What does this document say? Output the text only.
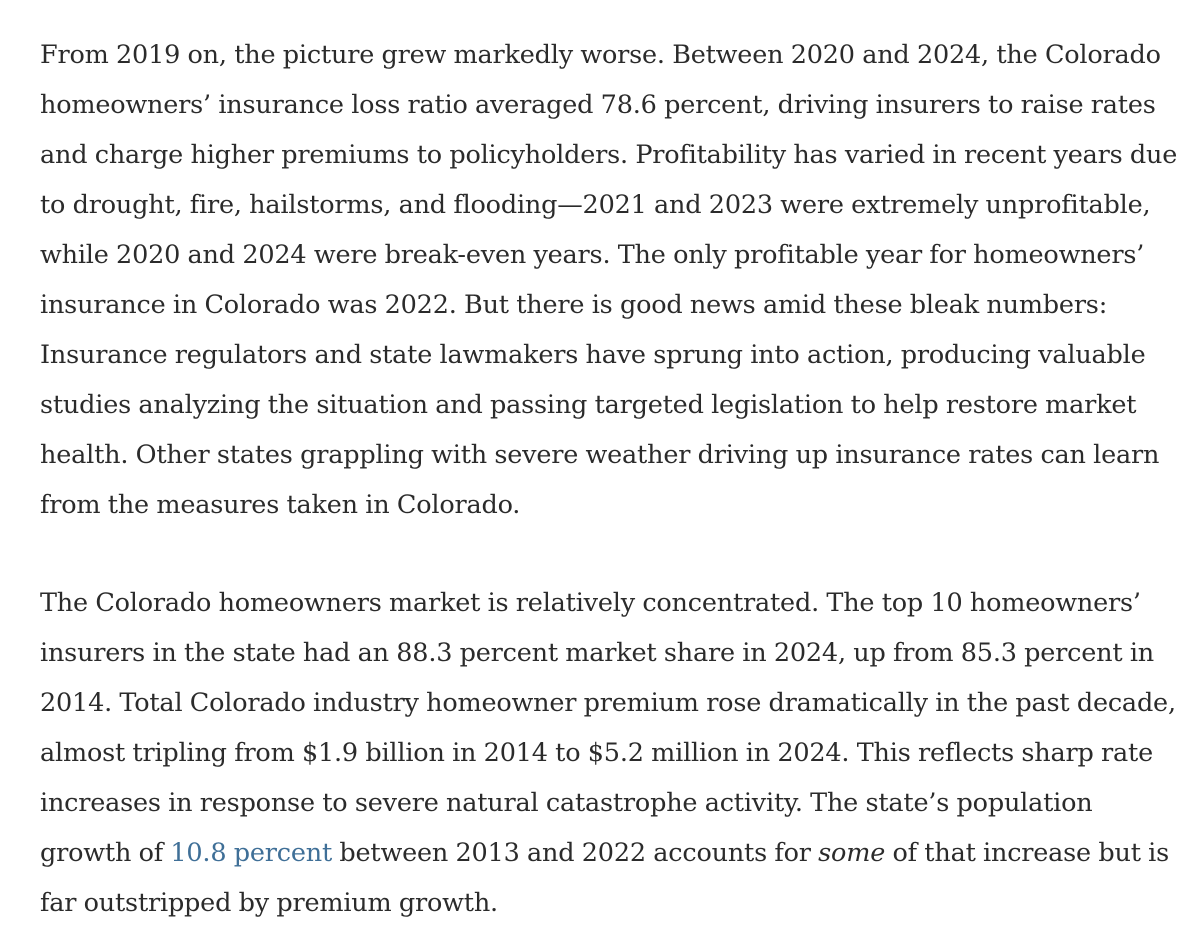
From 2019 on, the picture grew markedly worse. Between 2020 and 2024, the Colorado homeowners’ insurance loss ratio averaged 78.6 percent, driving insurers to raise rates and charge higher premiums to policyholders. Profitability has varied in recent years due to drought, fire, hailstorms, and flooding—2021 and 2023 were extremely unprofitable, while 2020 and 2024 were break-even years. The only profitable year for homeowners’ insurance in Colorado was 2022. But there is good news amid these bleak numbers: Insurance regulators and state lawmakers have sprung into action, producing valuable studies analyzing the situation and passing targeted legislation to help restore market health. Other states grappling with severe weather driving up insurance rates can learn from the measures taken in Colorado.

The Colorado homeowners market is relatively concentrated. The top 10 homeowners’ insurers in the state had an 88.3 percent market share in 2024, up from 85.3 percent in 2014. Total Colorado industry homeowner premium rose dramatically in the past decade, almost tripling from $1.9 billion in 2014 to $5.2 million in 2024. This reflects sharp rate increases in response to severe natural catastrophe activity. The state’s population growth of 10.8 percent between 2013 and 2022 accounts for some of that increase but is far outstripped by premium growth.
